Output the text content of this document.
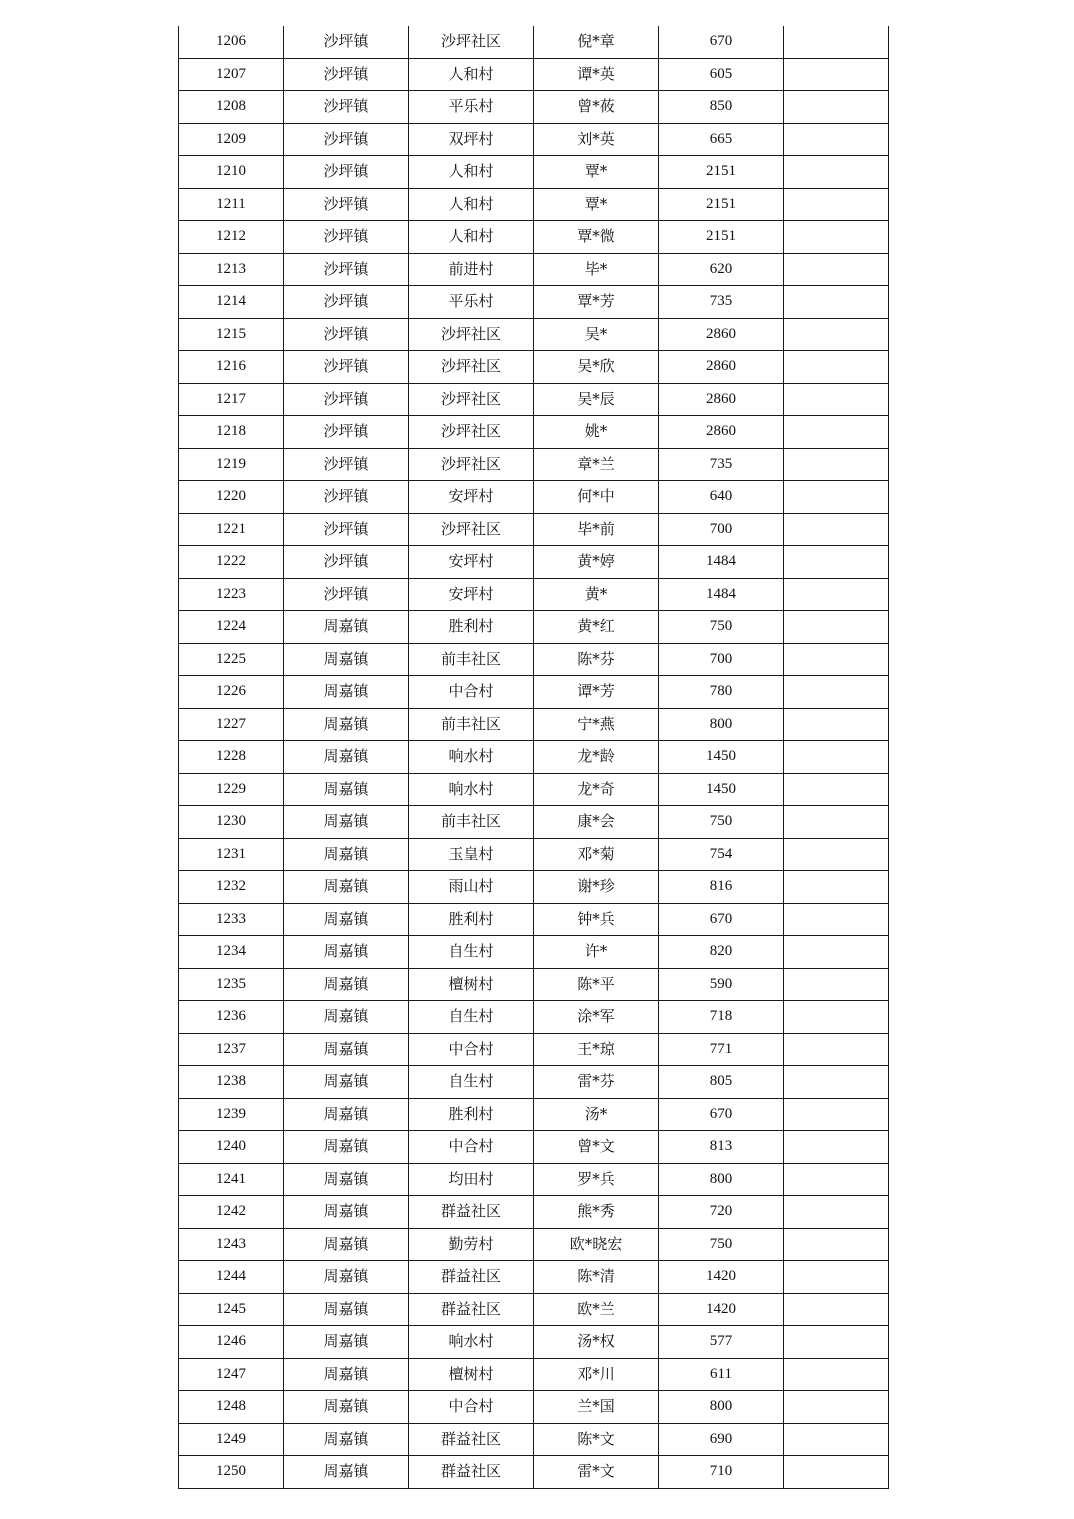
1206	沙坪镇	沙坪社区	倪*章	670	
1207	沙坪镇	人和村	谭*英	605	
1208	沙坪镇	平乐村	曾*莜	850	
1209	沙坪镇	双坪村	刘*英	665	
1210	沙坪镇	人和村	覃*	2151	
1211	沙坪镇	人和村	覃*	2151	
1212	沙坪镇	人和村	覃*微	2151	
1213	沙坪镇	前进村	毕*	620	
1214	沙坪镇	平乐村	覃*芳	735	
1215	沙坪镇	沙坪社区	吴*	2860	
1216	沙坪镇	沙坪社区	吴*欣	2860	
1217	沙坪镇	沙坪社区	吴*辰	2860	
1218	沙坪镇	沙坪社区	姚*	2860	
1219	沙坪镇	沙坪社区	章*兰	735	
1220	沙坪镇	安坪村	何*中	640	
1221	沙坪镇	沙坪社区	毕*前	700	
1222	沙坪镇	安坪村	黄*婷	1484	
1223	沙坪镇	安坪村	黄*	1484	
1224	周嘉镇	胜利村	黄*红	750	
1225	周嘉镇	前丰社区	陈*芬	700	
1226	周嘉镇	中合村	谭*芳	780	
1227	周嘉镇	前丰社区	宁*燕	800	
1228	周嘉镇	响水村	龙*龄	1450	
1229	周嘉镇	响水村	龙*奇	1450	
1230	周嘉镇	前丰社区	康*会	750	
1231	周嘉镇	玉皇村	邓*菊	754	
1232	周嘉镇	雨山村	谢*珍	816	
1233	周嘉镇	胜利村	钟*兵	670	
1234	周嘉镇	自生村	许*	820	
1235	周嘉镇	檀树村	陈*平	590	
1236	周嘉镇	自生村	涂*军	718	
1237	周嘉镇	中合村	王*琼	771	
1238	周嘉镇	自生村	雷*芬	805	
1239	周嘉镇	胜利村	汤*	670	
1240	周嘉镇	中合村	曾*文	813	
1241	周嘉镇	均田村	罗*兵	800	
1242	周嘉镇	群益社区	熊*秀	720	
1243	周嘉镇	勤劳村	欧*晓宏	750	
1244	周嘉镇	群益社区	陈*清	1420	
1245	周嘉镇	群益社区	欧*兰	1420	
1246	周嘉镇	响水村	汤*权	577	
1247	周嘉镇	檀树村	邓*川	611	
1248	周嘉镇	中合村	兰*国	800	
1249	周嘉镇	群益社区	陈*文	690	
1250	周嘉镇	群益社区	雷*文	710	
